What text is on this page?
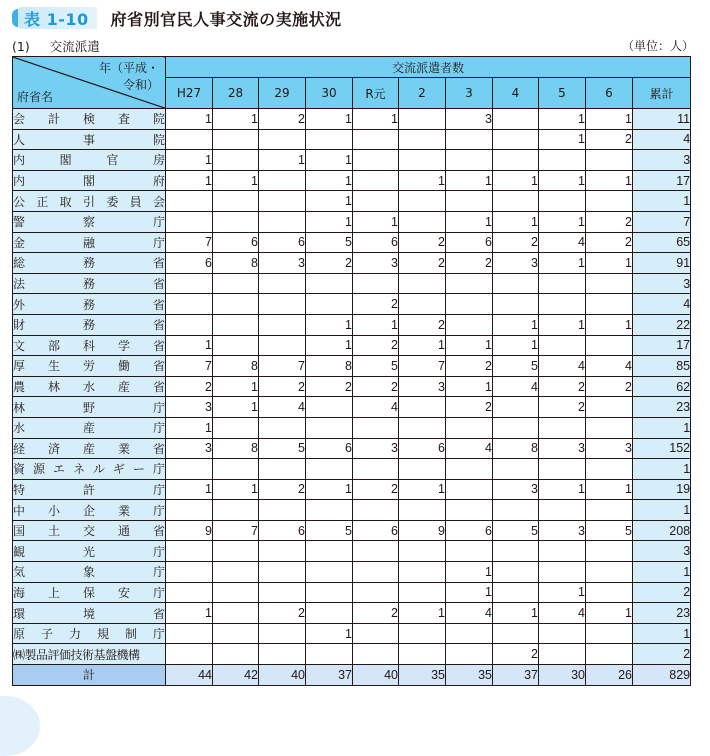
表 1-10 府省別官民人事交流の実施状況
(1) 交流派遣	（単位：人）
年（平成・
令和）
府省名	交流派遣者数										
	H27	28	29	30	R元	2	3	4	5	6	累計

会 計 検 査 院	1	1	2	1	1		3		1	1	11

人 事 院									1	2	4

内 閣 官 房	1		1	1							3

内 閣 府	1	1		1		1	1	1	1	1	17

公 正 取 引 委 員 会				1							1

警 察 庁				1	1		1	1	1	2	7

金 融 庁	7	6	6	5	6	2	6	2	4	2	65

総 務 省	6	8	3	2	3	2	2	3	1	1	91

法 務 省											3

外 務 省					2						4

財 務 省				1	1	2		1	1	1	22

文 部 科 学 省	1			1	2	1	1	1			17

厚 生 労 働 省	7	8	7	8	5	7	2	5	4	4	85

農 林 水 産 省	2	1	2	2	2	3	1	4	2	2	62

林 野 庁	3	1	4		4		2		2		23

水 産 庁	1										1

経 済 産 業 省	3	8	5	6	3	6	4	8	3	3	152

資 源 エ ネ ル ギ ー 庁											1

特 許 庁	1	1	2	1	2	1		3	1	1	19

中 小 企 業 庁											1

国 土 交 通 省	9	7	6	5	6	9	6	5	3	5	208

観 光 庁											3

気 象 庁							1				1

海 上 保 安 庁							1		1		2

環 境 省	1		2		2	1	4	1	4	1	23

原 子 力 規 制 庁				1							1

㈱製品評価技術基盤機構								2			2
計	44	42	40	37	40	35	35	37	30	26	829
